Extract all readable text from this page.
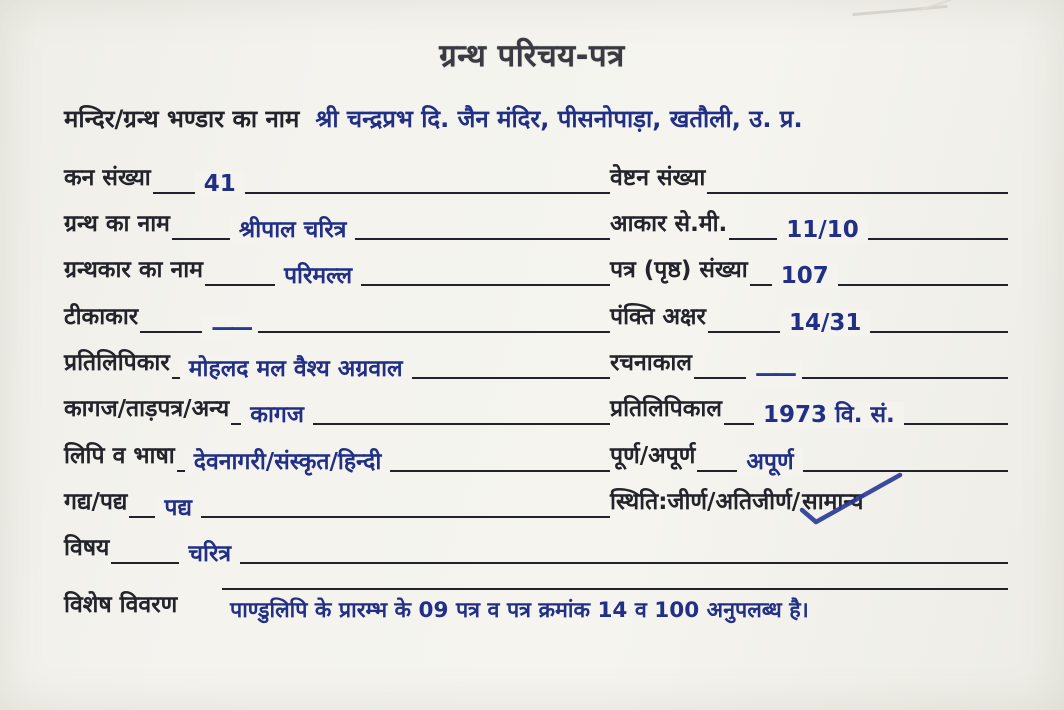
ग्रन्थ परिचय-पत्र
मन्दिर/ग्रन्थ भण्डार का नाम श्री चन्द्रप्रभ दि. जैन मंदिर, पीसनोपाड़ा, खतौली, उ. प्र.
कन संख्या	41	वेष्टन संख्या
ग्रन्थ का नाम	श्रीपाल चरित्र	आकार से.मी.	11/10
ग्रन्थकार का नाम	परिमल्ल	पत्र (पृष्ठ) संख्या	107
टीकाकार	——	पंक्ति अक्षर	14/31
प्रतिलिपिकार मोहलद मल वैश्य अग्रवाल	रचनाकाल	——
कागज/ताड़पत्र/अन्य कागज	प्रतिलिपिकाल	1973 वि. सं.
लिपि व भाषा देवनागरी/संस्कृत/हिन्दी	पूर्ण/अपूर्ण	अपूर्ण
गद्य/पद्य	पद्य	स्थिति:जीर्ण/अतिजीर्ण/ सामान्य
विषय	चरित्र
विशेष विवरण पाण्डुलिपि के प्रारम्भ के 09 पत्र व पत्र क्रमांक 14 व 100 अनुपलब्ध है।
